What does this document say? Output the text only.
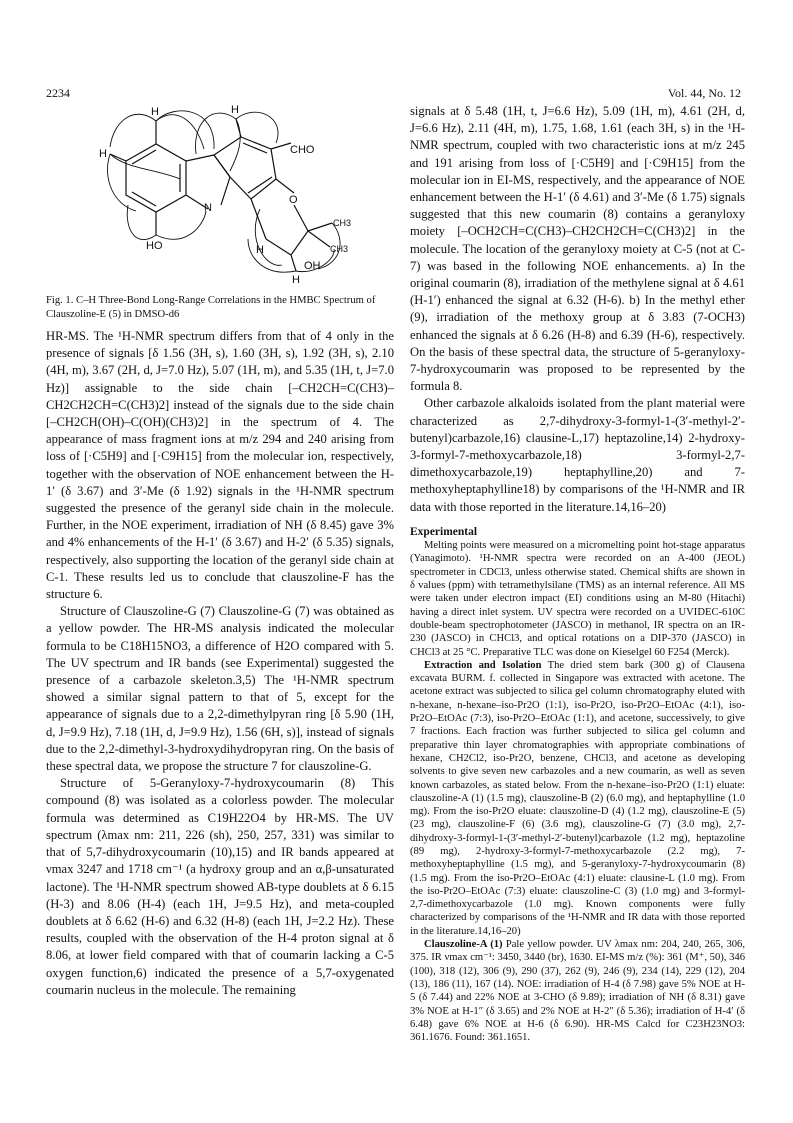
2234	Vol. 44, No. 12
H	H
H	CHO
N
O
HO
CH3
CH3
H
H
OH
Fig. 1. C–H Three-Bond Long-Range Correlations in the HMBC Spectrum of Clauszoline-E (5) in DMSO-d6

HR-MS. The ¹H-NMR spectrum differs from that of 4 only in the presence of signals [δ 1.56 (3H, s), 1.60 (3H, s), 1.92 (3H, s), 2.10 (4H, m), 3.67 (2H, d, J=7.0 Hz), 5.07 (1H, m), and 5.35 (1H, t, J=7.0 Hz)] assignable to the side chain [–CH2CH=C(CH3)–CH2CH2CH=C(CH3)2] instead of the signals due to the side chain [–CH2CH(OH)–C(OH)(CH3)2] in the spectrum of 4. The appearance of mass fragment ions at m/z 294 and 240 arising from loss of [·C5H9] and [·C9H15] from the molecular ion, respectively, together with the observation of NOE enhancement between the H-1′ (δ 3.67) and 3′-Me (δ 1.92) signals in the ¹H-NMR spectrum suggested the presence of the geranyl side chain in the molecule. Further, in the NOE experiment, irradiation of NH (δ 8.45) gave 3% and 4% enhancements of the H-1′ (δ 3.67) and H-2′ (δ 5.35) signals, respectively, also supporting the location of the geranyl side chain at C-1. These results led us to conclude that clauszoline-F has the structure 6.

Structure of Clauszoline-G (7) Clauszoline-G (7) was obtained as a yellow powder. The HR-MS analysis indicated the molecular formula to be C18H15NO3, a difference of H2O compared with 5. The UV spectrum and IR bands (see Experimental) suggested the presence of a carbazole skeleton.3,5) The ¹H-NMR spectrum showed a similar signal pattern to that of 5, except for the appearance of signals due to a 2,2-dimethylpyran ring [δ 5.90 (1H, d, J=9.9 Hz), 7.18 (1H, d, J=9.9 Hz), 1.56 (6H, s)], instead of signals due to the 2,2-dimethyl-3-hydroxydihydropyran ring. On the basis of these spectral data, we propose the structure 7 for clauszoline-G.

Structure of 5-Geranyloxy-7-hydroxycoumarin (8) This compound (8) was isolated as a colorless powder. The molecular formula was determined as C19H22O4 by HR-MS. The UV spectrum (λmax nm: 211, 226 (sh), 250, 257, 331) was similar to that of 5,7-dihydroxycoumarin (10),15) and IR bands appeared at νmax 3247 and 1718 cm⁻¹ (a hydroxy group and an α,β-unsaturated lactone). The ¹H-NMR spectrum showed AB-type doublets at δ 6.15 (H-3) and 8.06 (H-4) (each 1H, J=9.5 Hz), and meta-coupled doublets at δ 6.62 (H-6) and 6.32 (H-8) (each 1H, J=2.2 Hz). These results, coupled with the observation of the H-4 proton signal at δ 8.06, at lower field compared with that of coumarin lacking a C-5 oxygen function,6) indicated the presence of a 5,7-oxygenated coumarin nucleus in the molecule. The remaining

signals at δ 5.48 (1H, t, J=6.6 Hz), 5.09 (1H, m), 4.61 (2H, d, J=6.6 Hz), 2.11 (4H, m), 1.75, 1.68, 1.61 (each 3H, s) in the ¹H-NMR spectrum, coupled with two characteristic ions at m/z 245 and 191 arising from loss of [·C5H9] and [·C9H15] from the molecular ion in EI-MS, respectively, and the appearance of NOE enhancement between the H-1′ (δ 4.61) and 3′-Me (δ 1.75) signals suggested that this new coumarin (8) contains a geranyloxy moiety [–OCH2CH=C(CH3)–CH2CH2CH=C(CH3)2] in the molecule. The location of the geranyloxy moiety at C-5 (not at C-7) was based in the following NOE enhancements. a) In the original coumarin (8), irradiation of the methylene signal at δ 4.61 (H-1′) enhanced the signal at 6.32 (H-6). b) In the methyl ether (9), irradiation of the methoxy group at δ 3.83 (7-OCH3) enhanced the signals at δ 6.26 (H-8) and 6.39 (H-6), respectively. On the basis of these spectral data, the structure of 5-geranyloxy-7-hydroxycoumarin was proposed to be represented by the formula 8.

Other carbazole alkaloids isolated from the plant material were characterized as 2,7-dihydroxy-3-formyl-1-(3′-methyl-2′-butenyl)carbazole,16) clausine-L,17) heptazoline,14) 2-hydroxy-3-formyl-7-methoxycarbazole,18) 3-formyl-2,7-dimethoxycarbazole,19) heptaphylline,20) and 7-methoxyheptaphylline18) by comparisons of the ¹H-NMR and IR data with those reported in the literature.14,16–20)

Experimental

Melting points were measured on a micromelting point hot-stage apparatus (Yanagimoto). ¹H-NMR spectra were recorded on an A-400 (JEOL) spectrometer in CDCl3, unless otherwise stated. Chemical shifts are shown in δ values (ppm) with tetramethylsilane (TMS) as an internal reference. All MS were taken under electron impact (EI) conditions using an M-80 (Hitachi) having a direct inlet system. UV spectra were recorded on a UVIDEC-610C double-beam spectrophotometer (JASCO) in methanol, IR spectra on an IR-230 (JASCO) in CHCl3, and optical rotations on a DIP-370 (JASCO) in CHCl3 at 25 °C. Preparative TLC was done on Kieselgel 60 F254 (Merck).

Extraction and Isolation The dried stem bark (300 g) of Clausena excavata BURM. f. collected in Singapore was extracted with acetone. The acetone extract was subjected to silica gel column chromatography eluted with n-hexane, n-hexane–iso-Pr2O (1:1), iso-Pr2O, iso-Pr2O–EtOAc (4:1), iso-Pr2O–EtOAc (7:3), iso-Pr2O–EtOAc (1:1), and acetone, successively, to give 7 fractions. Each fraction was further subjected to silica gel column and preparative thin layer chromatographies with appropriate combinations of hexane, CH2Cl2, iso-Pr2O, benzene, CHCl3, and acetone as developing solvents to give seven new carbazoles and a new coumarin, as well as seven known carbazoles, as stated below. From the n-hexane–iso-Pr2O (1:1) eluate: clauszoline-A (1) (1.5 mg), clauszoline-B (2) (6.0 mg), and heptaphylline (1.0 mg). From the iso-Pr2O eluate: clauszoline-D (4) (1.2 mg), clauszoline-E (5) (23 mg), clauszoline-F (6) (3.6 mg), clauszoline-G (7) (3.0 mg), 2,7-dihydroxy-3-formyl-1-(3′-methyl-2′-butenyl)carbazole (1.2 mg), heptazoline (89 mg), 2-hydroxy-3-formyl-7-methoxycarbazole (2.2 mg), 7-methoxyheptaphylline (1.5 mg), and 5-geranyloxy-7-hydroxycoumarin (8) (1.5 mg). From the iso-Pr2O–EtOAc (4:1) eluate: clausine-L (1.0 mg). From the iso-Pr2O–EtOAc (7:3) eluate: clauszoline-C (3) (1.0 mg) and 3-formyl-2,7-dimethoxycarbazole (1.0 mg). Known components were fully characterized by comparisons of the ¹H-NMR and IR data with those reported in the literature.14,16–20)

Clauszoline-A (1) Pale yellow powder. UV λmax nm: 204, 240, 265, 306, 375. IR νmax cm⁻¹: 3450, 3440 (br), 1630. EI-MS m/z (%): 361 (M⁺, 50), 346 (100), 318 (12), 306 (9), 290 (37), 262 (9), 246 (9), 234 (14), 229 (12), 204 (13), 186 (11), 167 (14). NOE: irradiation of H-4 (δ 7.98) gave 5% NOE at H-5 (δ 7.44) and 22% NOE at 3-CHO (δ 9.89); irradiation of NH (δ 8.31) gave 3% NOE at H-1″ (δ 3.65) and 2% NOE at H-2″ (δ 5.36); irradiation of H-4′ (δ 6.48) gave 6% NOE at H-6 (δ 6.90). HR-MS Calcd for C23H23NO3: 361.1676. Found: 361.1651.
